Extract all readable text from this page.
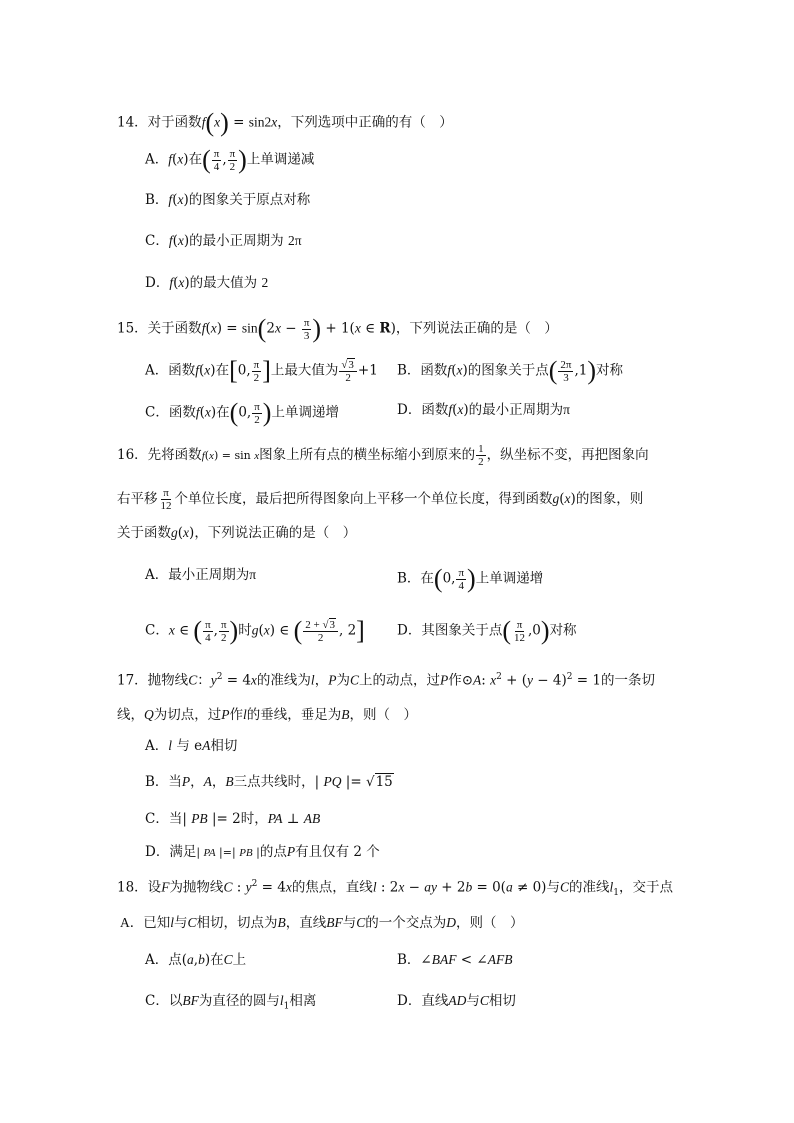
14．对于函数f(x) = sin2x，下列选项中正确的有（　）
A．f(x)在( $\frac{\pi}{4}$ , $\frac{\pi}{2}$ )上单调递减
B．f(x)的图象关于原点对称
C．f(x)的最小正周期为 2π
D．f(x)的最大值为 2
15．关于函数$f(x) = \sin(2x - \frac{\pi}{3}$ ) + 1(x ∈ R)，下列说法正确的是（　）
A．函数f(x)在[0, $\frac{\pi}{2}$ ]上最大值为 $\frac{√3}{2} +1$ B．函数f(x)的图象关于点( $\frac{2\pi}{3} ,1$)对称
C．函数f(x)在(0, $\frac{\pi}{2}$ )上单调递增	D．函数f(x)的最小正周期为π
16．先将函数f(x) = sin x图象上所有点的横坐标缩小到原来的 $\frac{1}{2}$ ，纵坐标不变，再把图象向
右平移 $\frac{\pi}{12}$ 个单位长度，最后把所得图象向上平移一个单位长度，得到函数g(x)的图象，则
关于函数g(x)，下列说法正确的是（　）
A．最小正周期为π	B．在(0, $\frac{\pi}{4}$ )上单调递增
C．x ∈ ( $\frac{\pi}{4}$ , $\frac{\pi}{2}$ )时g(x) ∈ ( $\frac{2 + √3}{2}$ , 2] D．其图象关于点( $\frac{\pi}{12} ,0$)对称
17．抛物线C：$y^2 = 4x$的准线为l，P为C上的动点，过P作⊙A: $x^2 + (y - 4)^2 = 1$的一条切
线，Q为切点，过P作l的垂线，垂足为B，则（　）
A．l 与 eA相切
B．当P，A，B三点共线时，| PQ |= √15
C．当| PB |= 2时，PA ⊥ AB
D．满足| PA |=| PB |的点P有且仅有 2 个
18．设F为抛物线C : $y^2 = 4x$的焦点，直线l : 2x − ay + 2b = 0(a ≠ 0)与C的准线$l_1$，交于点
A．已知l与C相切，切点为B，直线BF与C的一个交点为D，则（　）
A．点(a,b)在C上	B．∠BAF < ∠AFB
C．以BF为直径的圆与$l_1$相离	D．直线AD与C相切
